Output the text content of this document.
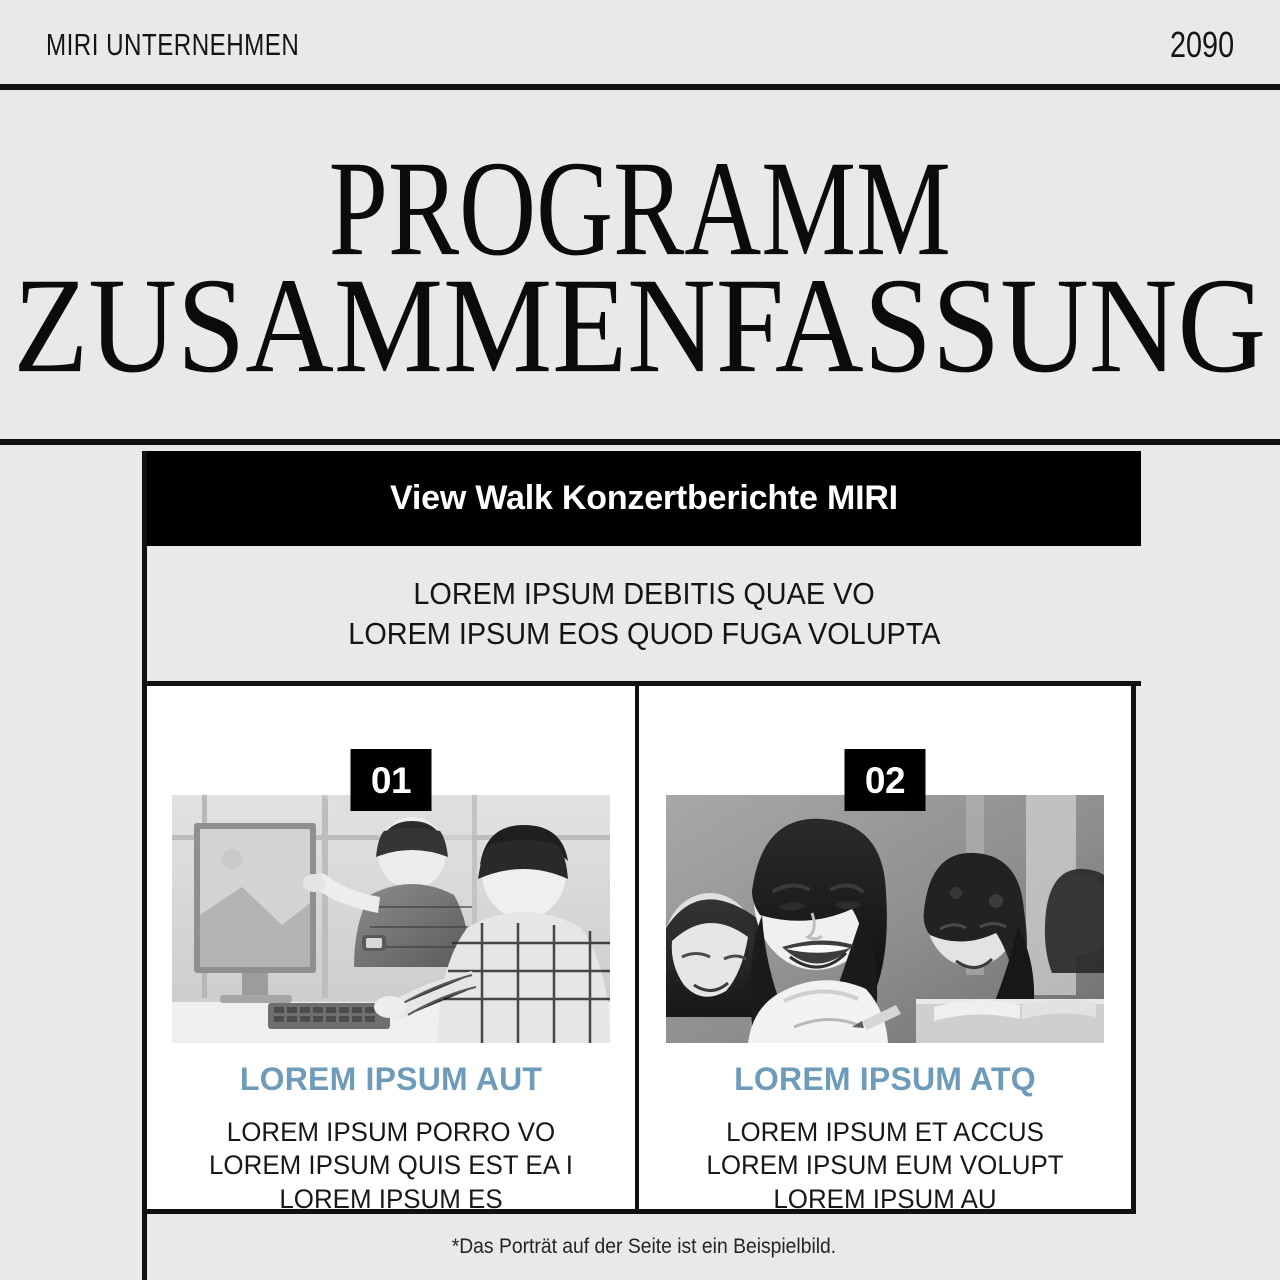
MIRI UNTERNEHMEN	2090
PROGRAMM
ZUSAMMENFASSUNG
View Walk Konzertberichte MIRI
LOREM IPSUM DEBITIS QUAE VO
LOREM IPSUM EOS QUOD FUGA VOLUPTA
01
LOREM IPSUM AUT
LOREM IPSUM PORRO VO
LOREM IPSUM QUIS EST EA I
LOREM IPSUM ES
02
LOREM IPSUM ATQ
LOREM IPSUM ET ACCUS
LOREM IPSUM EUM VOLUPT
LOREM IPSUM AU
*Das Porträt auf der Seite ist ein Beispielbild.
